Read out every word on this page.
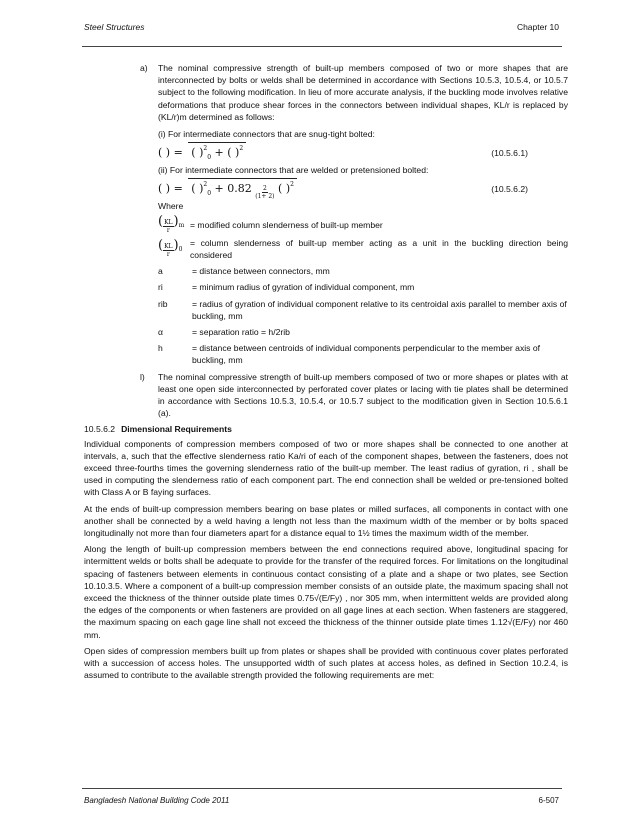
Steel Structures	Chapter 10
a) The nominal compressive strength of built-up members composed of two or more shapes that are interconnected by bolts or welds shall be determined in accordance with Sections 10.5.3, 10.5.4, or 10.5.7 subject to the following modification. In lieu of more accurate analysis, if the buckling mode involves relative deformations that produce shear forces in the connectors between individual shapes, KL/r is replaced by (KL/r)m determined as follows:

(i) For intermediate connectors that are snug-tight bolted:
( ) = ( )$^2_0$ + ( )$^2$	(10.5.6.1)
(ii) For intermediate connectors that are welded or pretensioned bolted:
( ) = ( )$^2_0 + 0.82 \frac{2}{(1+ 2)}$ ( )$^2$	(10.5.6.2)
Where
( $\frac{KL}{r} )_m$ = modified column slenderness of built-up member
( $\frac{KL}{r} )_0$
= column slenderness of built-up member acting as a unit in the buckling direction being considered
a	= distance between connectors, mm
ri	= minimum radius of gyration of individual component, mm
rib	= radius of gyration of individual component relative to its centroidal axis parallel to member axis of buckling, mm
α	= separation ratio = h/2rib
h	= distance between centroids of individual components perpendicular to the member axis of buckling, mm
l) The nominal compressive strength of built-up members composed of two or more shapes or plates with at least one open side interconnected by perforated cover plates or lacing with tie plates shall be determined in accordance with Sections 10.5.3, 10.5.4, or 10.5.7 subject to the modification given in Section 10.5.6.1 (a).

10.5.6.2 Dimensional Requirements

Individual components of compression members composed of two or more shapes shall be connected to one another at intervals, a, such that the effective slenderness ratio Ka/ri of each of the component shapes, between the fasteners, does not exceed three-fourths times the governing slenderness ratio of the built-up member. The least radius of gyration, ri , shall be used in computing the slenderness ratio of each component part. The end connection shall be welded or pre-tensioned bolted with Class A or B faying surfaces.

At the ends of built-up compression members bearing on base plates or milled surfaces, all components in contact with one another shall be connected by a weld having a length not less than the maximum width of the member or by bolts spaced longitudinally not more than four diameters apart for a distance equal to 1½ times the maximum width of the member.

Along the length of built-up compression members between the end connections required above, longitudinal spacing for intermittent welds or bolts shall be adequate to provide for the transfer of the required forces. For limitations on the longitudinal spacing of fasteners between elements in continuous contact consisting of a plate and a shape or two plates, see Section 10.10.3.5. Where a component of a built-up compression member consists of an outside plate, the maximum spacing shall not exceed the thickness of the thinner outside plate times 0.75√(E/Fy) , nor 305 mm, when intermittent welds are provided along the edges of the components or when fasteners are provided on all gage lines at each section. When fasteners are staggered, the maximum spacing on each gage line shall not exceed the thickness of the thinner outside plate times 1.12√(E/Fy) nor 460 mm.

Open sides of compression members built up from plates or shapes shall be provided with continuous cover plates perforated with a succession of access holes. The unsupported width of such plates at access holes, as defined in Section 10.2.4, is assumed to contribute to the available strength provided the following requirements are met:

Bangladesh National Building Code 2011	6-507
